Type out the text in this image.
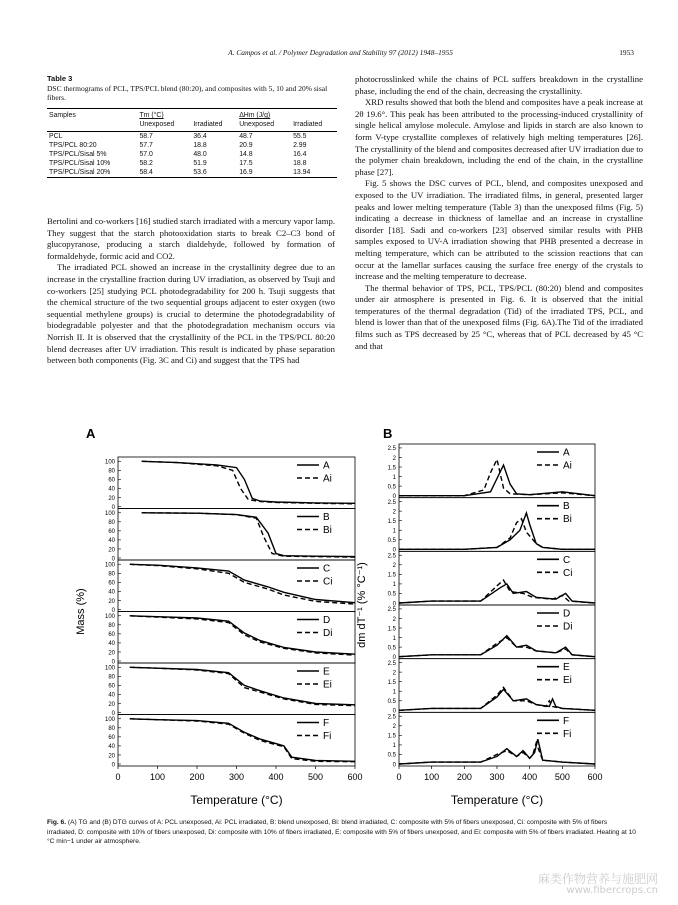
A. Campos et al. / Polymer Degradation and Stability 97 (2012) 1948–1955	1953
Table 3
DSC thermograms of PCL, TPS/PCL blend (80:20), and composites with 5, 10 and 20% sisal fibers.
Samples	Tm (°C)		ΔHm (J/g)	
	Unexposed	Irradiated	Unexposed	Irradiated
PCL	58.7	36.4	48.7	55.5
TPS/PCL 80:20	57.7	18.8	20.9	2.99
TPS/PCL/Sisal 5%	57.0	48.0	14.8	16.4
TPS/PCL/Sisal 10%	58.2	51.9	17.5	18.8
TPS/PCL/Sisal 20%	58.4	53.6	16.9	13.94

Bertolini and co-workers [16] studied starch irradiated with a mercury vapor lamp. They suggest that the starch photooxidation starts to break C2–C3 bond of glucopyranose, producing a starch dialdehyde, followed by formation of formaldehyde, formic acid and CO2.

The irradiated PCL showed an increase in the crystallinity degree due to an increase in the crystalline fraction during UV irradiation, as observed by Tsuji and co-workers [25] studying PCL photodegradability for 200 h. Tsuji suggests that the chemical structure of the two sequential groups adjacent to ester oxygen (two sequential methylene groups) is crucial to determine the photodegradability of biodegradable polyester and that the photodegradation mechanism occurs via Norrish II. It is observed that the crystallinity of the PCL in the TPS/PCL 80:20 blend decreases after UV irradiation. This result is indicated by phase separation between both components (Fig. 3C and Ci) and suggest that the TPS had

photocrosslinked while the chains of PCL suffers breakdown in the crystalline phase, including the end of the chain, decreasing the crystallinity.

XRD results showed that both the blend and composites have a peak increase at 2θ 19.6°. This peak has been attributed to the processing-induced crystallinity of single helical amylose molecule. Amylose and lipids in starch are also known to form V-type crystallite complexes of relatively high melting temperatures [26]. The crystallinity of the blend and composites decreased after UV irradiation due to the polymer chain breakdown, including the end of the chain, in the crystalline phase [27].

Fig. 5 shows the DSC curves of PCL, blend, and composites unexposed and exposed to the UV irradiation. The irradiated films, in general, presented larger peaks and lower melting temperature (Table 3) than the unexposed films (Fig. 5) indicating a decrease in thickness of lamellae and an increase in crystalline disorder [18]. Sadi and co-workers [23] observed similar results with PHB samples exposed to UV-A irradiation showing that PHB presented a decrease in melting temperature, which can be attributed to the scission reactions that can occur at the lamellar surfaces causing the surface free energy of the crystals to increase and the melting temperature to decrease.

The thermal behavior of TPS, PCL, TPS/PCL (80:20) blend and composites under air atmosphere is presented in Fig. 6. It is observed that the initial temperatures of the thermal degradation (Tid) of the irradiated TPS, PCL, and blend is lower than that of the unexposed films (Fig. 6A).The Tid of the irradiated films such as TPS decreased by 25 °C, whereas that of PCL decreased by 45 °C and that

A	B
0	100	200	300	400	500	600
Temperature (°C)
Mass (%)
0
20
40
60
80
100	A
Ai
0
20
40
60
80
100	B
Bi
0
20
40
60
80
100	C
Ci
0
20
40
60
80
100	D
Di
0
20
40
60
80
100	E
Ei
0
20
40
60
80
100	F
Fi
0	100 200 300 400 500 600
Temperature (°C)
dm dT⁻¹ (% °C⁻¹)
0
0.5
1
1.5
2
2.5	A
Ai
0
0.5
1
1.5
2
2.5	B
Bi
0
0.5
1
1.5
2
2.5	C
Ci
0
0.5
1
1.5
2
2.5	D
Di
0
0.5
1
1.5
2
2.5	E
Ei
0
0.5
1
1.5
2
2.5	F
Fi
Fig. 6. (A) TG and (B) DTG curves of A: PCL unexposed, Ai: PCL irradiated, B: blend unexposed, Bi: blend irradiated, C: composite with 5% of fibers unexposed, Ci: composite with 5% of fibers irradiated, D: composite with 10% of fibers unexposed, Di: composite with 10% of fibers irradiated, E: composite with 5% of fibers unexposed, and Ei: composite with 5% of fibers irradiated. Heating at 10 °C min−1 under air atmosphere.
麻类作物营养与施肥网
www.fibercrops.cn
